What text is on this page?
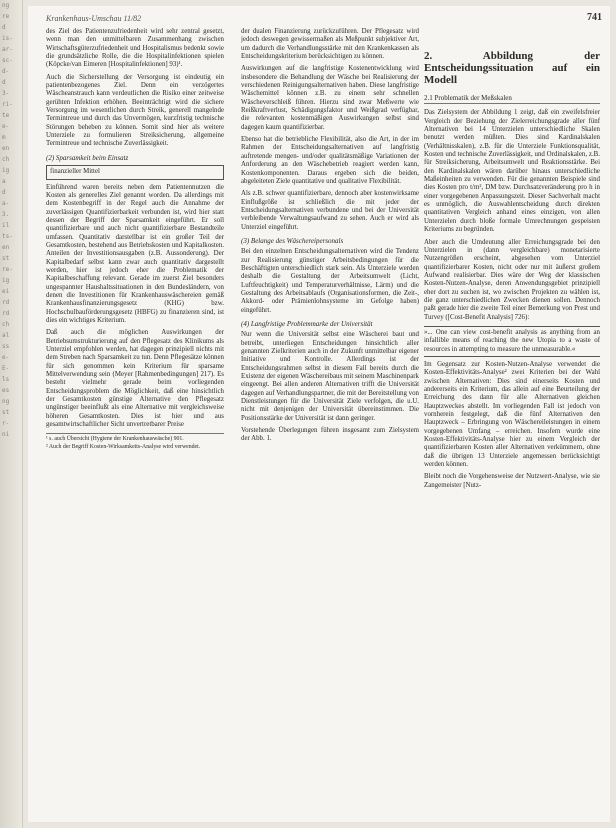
ng
re
d
is-
ar-
sc-
d-
d
3-
ri-
te
e-
m
en
ch
ig
a
d
a-
3.
il
ts-
en
st
re-
ig
ei
rd
rd
ch
al
ss
e-
E-
ls
es
ng
st
r-
ni
Krankenhaus-Umschau 11/82	741

des Ziel des Patientenzufriedenheit wird sehr zentral gesetzt, wenn man den unmittelbaren Zusammenhang zwischen Wirtschaftsgüterzufriedenheit und Hospitalismus bedenkt sowie die grundsätzliche Rolle, die die Hospitalinfektionen spielen (Köpcke/van Eimeren [Hospitalinfektionen] 93)¹.

Auch die Sicherstellung der Versorgung ist eindeutig ein patientenbezogenes Ziel. Denn ein verzögertes Wäscheanstrauch kann verdeutlichen die Risiko einer zeitweise gerühten Infektion erhöhen. Beeinträchtigt wird die sichere Versorgung im wesentlichen durch Streik, generell mangelnde Termintreue und durch das Unvermögen, kurzfristig technische Störungen beheben zu können. Somit sind hier als weitere Unterziele zu formulieren Streiksicherung, allgemeine Termintreue und technische Zuverlässigkeit.

(2) Sparsamkeit beim Einsatz
finanzieller Mittel

Einführend waren bereits neben dem Patientennutzen die Kosten als generelles Ziel genannt worden. Da allerdings mit dem Kostenbegriff in der Regel auch die Annahme der zuverlässigen Quantifizierbarkeit verbunden ist, wird hier statt dessen der Begriff der Sparsamkeit eingeführt. Er soll quantifizierbare und auch nicht quantifizierbare Bestandteile umfassen. Quantitativ darstellbar ist ein großer Teil der Gesamtkosten, bestehend aus Betriebskosten und Kapitalkosten. Anteilen der Investitionsausgaben (z.B. Aussonderung). Der Kapitalbedarf selbst kann zwar auch quantitativ dargestellt werden, hier ist jedoch eher die Problematik der Kapitalbeschaffung relevant. Gerade im zuerst Ziel besonders ungespannter Haushaltssituationen in den Bundesländern, von denen die Investitionen für Krankenhauswäschereien gemäß Krankenhausfinanzierungsgesetz (KHG) bzw. Hochschulbauförderungsgesetz (HBFG) zu finanzieren sind, ist dies ein wichtiges Kriterium.

Daß auch die möglichen Auswirkungen der Betriebsumstrukturierung auf den Pflegesatz des Klinikums als Unterziel empfohlen werden, hat dagegen prinzipiell nichts mit dem Streben nach Sparsamkeit zu tun. Denn Pflegesätze können für sich genommen kein Kriterium für sparsame Mittelverwendung sein (Meyer [Rahmenbedingungen] 217). Es besteht vielmehr gerade beim vorliegenden Entscheidungsproblem die Möglichkeit, daß eine hinsichtlich der Gesamtkosten günstige Alternative den Pflegesatz ungünstiger beeinflußt als eine Alternative mit vergleichsweise höheren Gesamtkosten. Dies ist hier und aus gesamtwirtschaftlicher Sicht unvertretbarer Preise

¹ s. auch Übersicht (Hygiene der Krankenhauswäsche) 901.
² Auch der Begriff Kosten-Wirksamkeits-Analyse wird verwendet.

der dualen Finanzierung zurückzuführen. Der Pflegesatz wird jedoch deswegen gewissermaßen als Meßpunkt subjektiver Art, um dadurch die Verhandlungsstärke mit den Krankenkassen als Entscheidungskriterium berücksichtigen zu können.

Auswirkungen auf die langfristige Kostenentwicklung wird insbesondere die Behandlung der Wäsche bei Realisierung der verschiedenen Reinigungsalternativen haben. Diese langfristige Wäschemittel können z.B. zu einem sehr schnellen Wäscheverschleiß führen. Hierzu sind zwar Meßwerte wie Reißkraftverlust, Schädigungsfaktor und Weißgrad verfügbar, die relevanten kostenmäßigen Auswirkungen selbst sind dagegen kaum quantifizierbar.

Ebenso hat die betriebliche Flexibilität, also die Art, in der im Rahmen der Entscheidungsalternativen auf langfristig auftretende mengen- und/oder qualitätsmäßige Variationen der Anforderung an den Wäschebetrieb reagiert werden kann, Kostenkomponenten. Daraus ergeben sich die beiden, abgeleiteten Ziele quantitative und qualitative Flexibilität.

Als z.B. schwer quantifizierbare, dennoch aber kostenwirksame Einflußgröße ist schließlich die mit jeder der Entscheidungsalternativen verbundene und bei der Universität verbleibende Verwaltungsaufwand zu sehen. Auch er wird als Unterziel eingeführt.

(3) Belange des Wäschereipersonals

Bei den einzelnen Entscheidungsalternativen wird die Tendenz zur Realisierung günstiger Arbeitsbedingungen für die Beschäftigten unterschiedlich stark sein. Als Unterziele werden deshalb die Gestaltung der Arbeitsumwelt (Licht, Luftfeuchtigkeit) und Temperaturverhältnisse, Lärm) und die Gestaltung des Arbeitsablaufs (Organisationsformen, die Zeit-, Akkord- oder Prämienlohnsysteme im Gefolge haben) eingeführt.

(4) Langfristige Problemmarke der Universität

Nur wenn die Universität selbst eine Wäscherei baut und betreibt, unterliegen Entscheidungen hinsichtlich aller genannten Zielkriterien auch in der Zukunft unmittelbar eigener Initiative und Kontrolle. Allerdings ist der Entscheidungsrahmen selbst in diesem Fall bereits durch die Existenz der eigenen Wäschereibaus mit seinem Maschinenpark eingeengt. Bei allen anderen Alternativen trifft die Universität dagegen auf Verhandlungspartner, die mit der Bereitstellung von Dienstleistungen für die Universität Ziele verfolgen, die u.U. nicht mit denjenigen der Universität übereinstimmen. Die Positionsstärke der Universität ist dann geringer.

Vorstehende Überlegungen führen insgesamt zum Zielsystem der Abb. 1.

2. Abbildung der Entscheidungssituation auf ein Modell
2.1 Problematik der Meßskalen

Das Zielsystem der Abbildung 1 zeigt, daß ein zweifelsfreier Vergleich der Beziehung der Zielerreichungsgrade aller fünf Alternativen bei 14 Unterzielen unterschiedliche Skalen benutzt werden müßten. Dies sind Kardinalskalen (Verhältnisskalen), z.B. für die Unterziele Funktionsqualität, Kosten und technische Zuverlässigkeit, und Ordinalskalen, z.B. für Streiksicherung, Arbeitsumwelt und Reaktionsstärke. Bei den Kardinalskalen wären darüber hinaus unterschiedliche Maßeinheiten zu verwenden. Für die genannten Beispiele sind dies Kosten pro t/m², DM bzw. Durchsatzveränderung pro h in einer vorgegebenen Anpassungszeit. Dieser Sachverhalt macht es unmöglich, die Auswahlentscheidung durch direkten quantitativen Vergleich anhand eines einzigen, von allen Unterzielen durch bloße formale Umrechnungen gespeisten Kriteriums zu begründen.

Aber auch die Umdeutung aller Erreichungsgrade bei den Unterzielen in (dann vergleichbare) monetarisierte Nutzengrößen erscheint, abgesehen vom Unterziel quantifizierbarer Kosten, nicht oder nur mit äußerst großem Aufwand realisierbar. Dies wäre der Weg der klassischen Kosten-Nutzen-Analyse, deren Anwendungsgebiet prinzipiell eher dort zu suchen ist, wo zwischen Projekten zu wählen ist, die ganz unterschiedlichen Zwecken dienen sollen. Dennoch paßt gerade hier die zweite Teil einer Bemerkung von Prest und Turvey ([Cost-Benefit Analysis] 726):

»... One can view cost-benefit analysis as anything from an infallible means of reaching the new Utopia to a waste of resources in attempting to measure the unmeasurable.«

Im Gegensatz zur Kosten-Nutzen-Analyse verwendet die Kosten-Effektivitäts-Analyse² zwei Kriterien bei der Wahl zwischen Alternativen: Dies sind einerseits Kosten und andererseits ein Kriterium, das allein auf eine Beurteilung der Erreichung des dann für alle Alternativen gleichen Hauptzweckes abstellt. Im vorliegenden Fall ist jedoch von vornherein festgelegt, daß die fünf Alternativen den Hauptzweck – Erbringung von Wäschereileistungen in einem vorgegebenen Umfang – erreichen. Insofern wurde eine Kosten-Effektivitäts-Analyse hier zu einem Vergleich der quantifizierbaren Kosten aller Alternativen verkümmern, ohne daß die übrigen 13 Unterziele angemessen berücksichtigt werden können.

Bleibt noch die Vorgehensweise der Nutzwert-Analyse, wie sie Zangemeister [Nutz-
